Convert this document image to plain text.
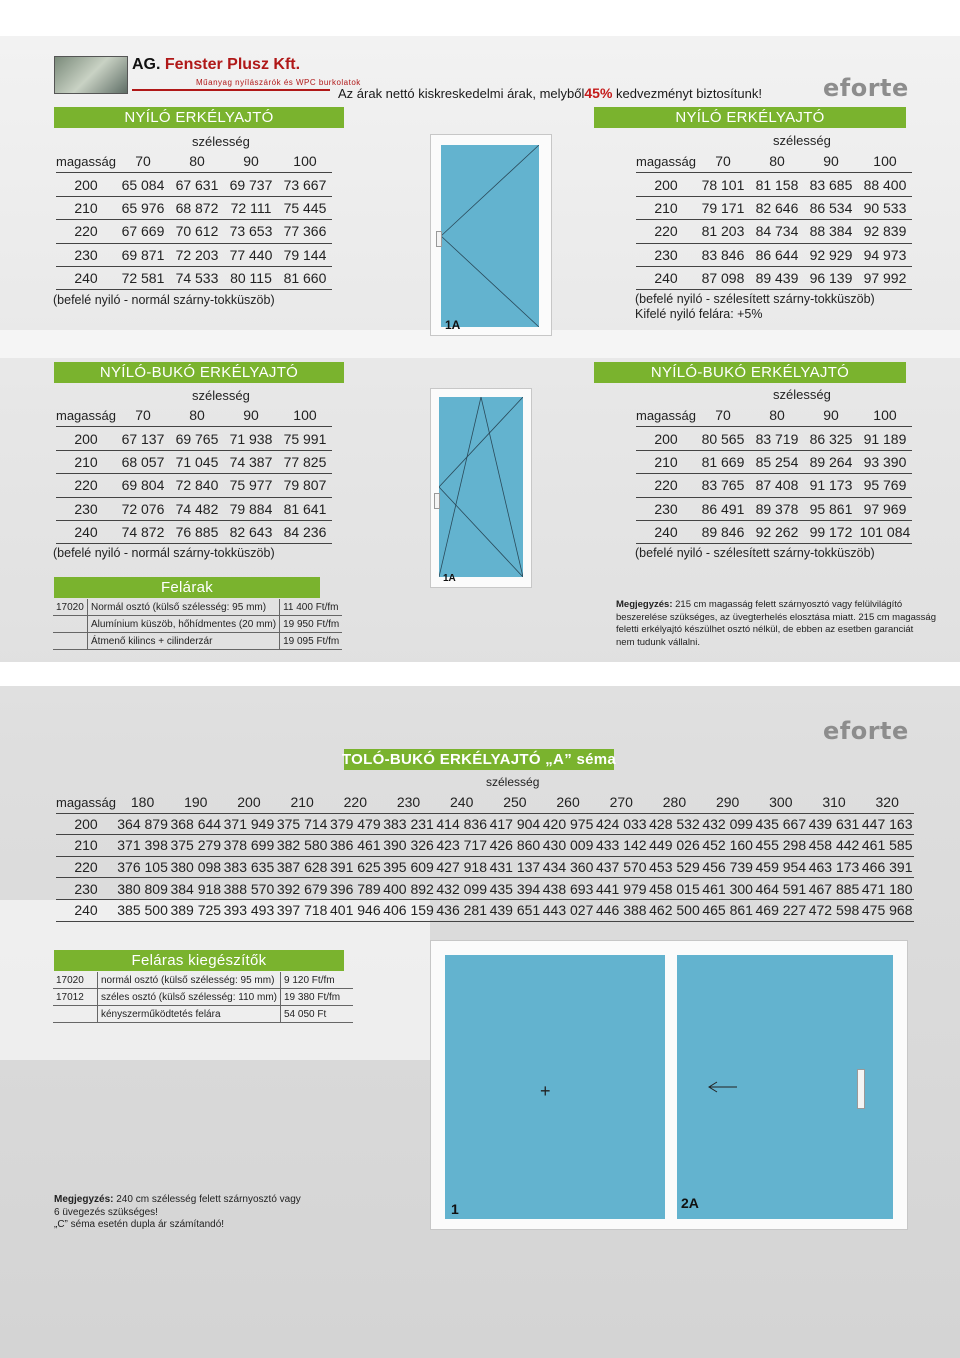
AG. Fenster Plusz Kft.
Műanyag nyílászárók és WPC burkolatok
Az árak nettó kiskreskedelmi árak, melyből45% kedvezményt biztosítunk!	eforte
NYÍLÓ ERKÉLYAJTÓ
szélesség
magasság	70	80	90	100
200	65 084	67 631	69 737	73 667
210	65 976	68 872	72 111	75 445
220	67 669	70 612	73 653	77 366
230	69 871	72 203	77 440	79 144
240	72 581	74 533	80 115	81 660
(befelé nyiló - normál szárny-tokküszöb)
NYÍLÓ ERKÉLYAJTÓ
szélesség
magasság	70	80	90	100
200	78 101	81 158	83 685	88 400
210	79 171	82 646	86 534	90 533
220	81 203	84 734	88 384	92 839
230	83 846	86 644	92 929	94 973
240	87 098	89 439	96 139	97 992
(befelé nyiló - szélesített szárny-tokküszöb)
Kifelé nyiló felára: +5%
1A
NYÍLÓ-BUKÓ ERKÉLYAJTÓ
szélesség
magasság	70	80	90	100
200	67 137	69 765	71 938	75 991
210	68 057	71 045	74 387	77 825
220	69 804	72 840	75 977	79 807
230	72 076	74 482	79 884	81 641
240	74 872	76 885	82 643	84 236
(befelé nyiló - normál szárny-tokküszöb)
NYÍLÓ-BUKÓ ERKÉLYAJTÓ
szélesség
magasság	70	80	90	100
200	80 565	83 719	86 325	91 189
210	81 669	85 254	89 264	93 390
220	83 765	87 408	91 173	95 769
230	86 491	89 378	95 861	97 969
240	89 846	92 262	99 172	101 084
(befelé nyiló - szélesített szárny-tokküszöb)
1A
Felárak
17020	Normál osztó (külső szélesség: 95 mm)	11 400 Ft/fm
	Alumínium küszöb, hőhídmentes (20 mm)	19 950 Ft/fm
	Átmenő kilincs + cilinderzár	19 095 Ft/fm
Megjegyzés: 215 cm magasság felett szárnyosztó vagy felülvilágító
beszerelése szükséges, az üvegterhelés elosztása miatt. 215 cm magasság
feletti erkélyajtó készülhet osztó nélkül, de ebben az esetben garanciát
nem tudunk vállalni.
eforte
TOLÓ-BUKÓ ERKÉLYAJTÓ „A” séma
szélesség
magasság	180	190	200	210	220	230	240	250	260	270	280	290	300	310	320
200	364 879	368 644	371 949	375 714	379 479	383 231	414 836	417 904	420 975	424 033	428 532	432 099	435 667	439 631	447 163
210	371 398	375 279	378 699	382 580	386 461	390 326	423 717	426 860	430 009	433 142	449 026	452 160	455 298	458 442	461 585
220	376 105	380 098	383 635	387 628	391 625	395 609	427 918	431 137	434 360	437 570	453 529	456 739	459 954	463 173	466 391
230	380 809	384 918	388 570	392 679	396 789	400 892	432 099	435 394	438 693	441 979	458 015	461 300	464 591	467 885	471 180
240	385 500	389 725	393 493	397 718	401 946	406 159	436 281	439 651	443 027	446 388	462 500	465 861	469 227	472 598	475 968
Feláras kiegészítők
17020	normál osztó (külső szélesség: 95 mm)	9 120 Ft/fm
17012	széles osztó (külső szélesség: 110 mm)	19 380 Ft/fm
	kényszerműködtetés felára	54 050 Ft
Megjegyzés: 240 cm szélesség felett szárnyosztó vagy
6 üvegezés szükséges!
„C” séma esetén dupla ár számítandó!
+
1	2A
